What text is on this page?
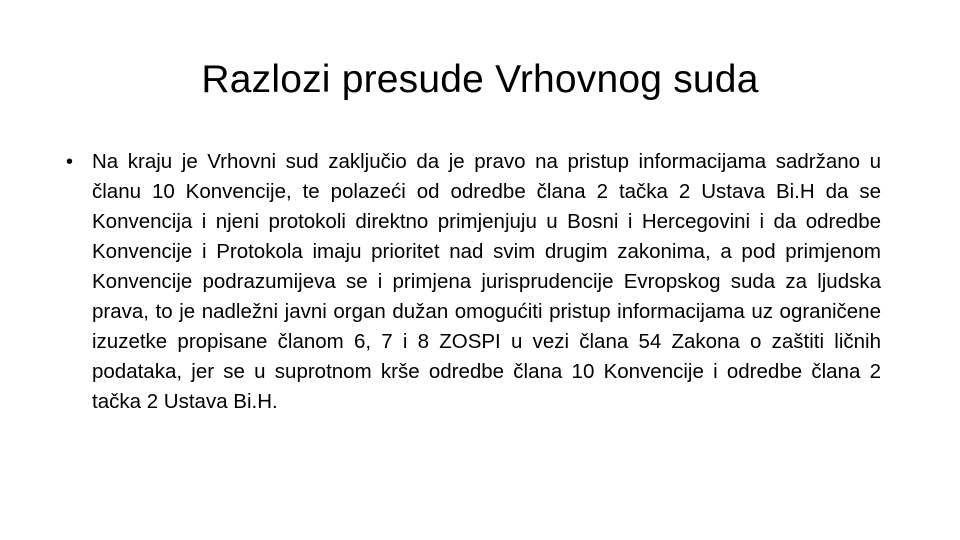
Razlozi presude Vrhovnog suda

• Na kraju je Vrhovni sud zaključio da je pravo na pristup informacijama sadržano u članu 10 Konvencije, te polazeći od odredbe člana 2 tačka 2 Ustava Bi.H da se Konvencija i njeni protokoli direktno primjenjuju u Bosni i Hercegovini i da odredbe Konvencije i Protokola imaju prioritet nad svim drugim zakonima, a pod primjenom Konvencije podrazumijeva se i primjena jurisprudencije Evropskog suda za ljudska prava, to je nadležni javni organ dužan omogućiti pristup informacijama uz ograničene izuzetke propisane članom 6, 7 i 8 ZOSPI u vezi člana 54 Zakona o zaštiti ličnih podataka, jer se u suprotnom krše odredbe člana 10 Konvencije i odredbe člana 2 tačka 2 Ustava Bi.H.
